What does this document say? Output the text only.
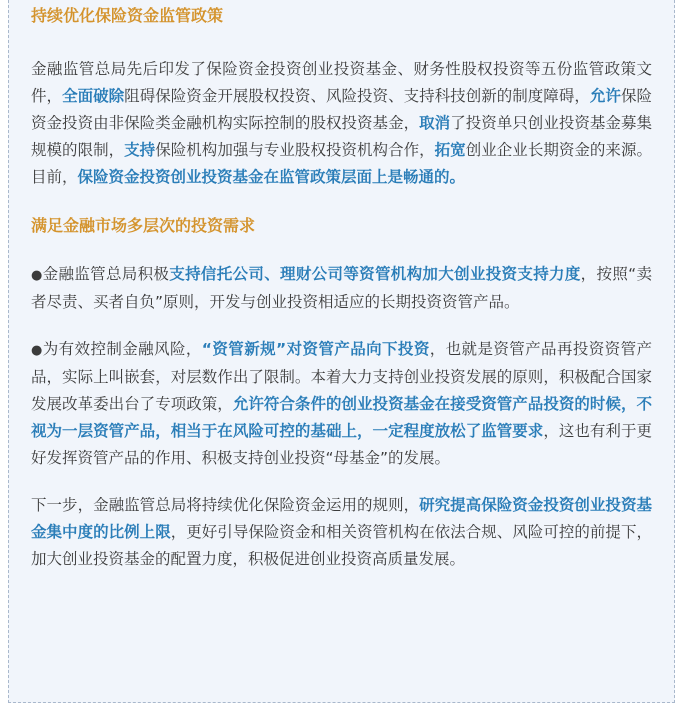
持续优化保险资金监管政策

金融监管总局先后印发了保险资金投资创业投资基金、财务性股权投资等五份监管政策文件，全面破除阻碍保险资金开展股权投资、风险投资、支持科技创新的制度障碍，允许保险资金投资由非保险类金融机构实际控制的股权投资基金，取消了投资单只创业投资基金募集规模的限制，支持保险机构加强与专业股权投资机构合作，拓宽创业企业长期资金的来源。目前，保险资金投资创业投资基金在监管政策层面上是畅通的。

满足金融市场多层次的投资需求

●金融监管总局积极支持信托公司、理财公司等资管机构加大创业投资支持力度，按照“卖者尽责、买者自负”原则，开发与创业投资相适应的长期投资资管产品。

●为有效控制金融风险，“资管新规”对资管产品向下投资，也就是资管产品再投资资管产品，实际上叫嵌套，对层数作出了限制。本着大力支持创业投资发展的原则，积极配合国家发展改革委出台了专项政策，允许符合条件的创业投资基金在接受资管产品投资的时候，不视为一层资管产品，相当于在风险可控的基础上，一定程度放松了监管要求，这也有利于更好发挥资管产品的作用、积极支持创业投资“母基金”的发展。

下一步，金融监管总局将持续优化保险资金运用的规则，研究提高保险资金投资创业投资基金集中度的比例上限，更好引导保险资金和相关资管机构在依法合规、风险可控的前提下，加大创业投资基金的配置力度，积极促进创业投资高质量发展。
